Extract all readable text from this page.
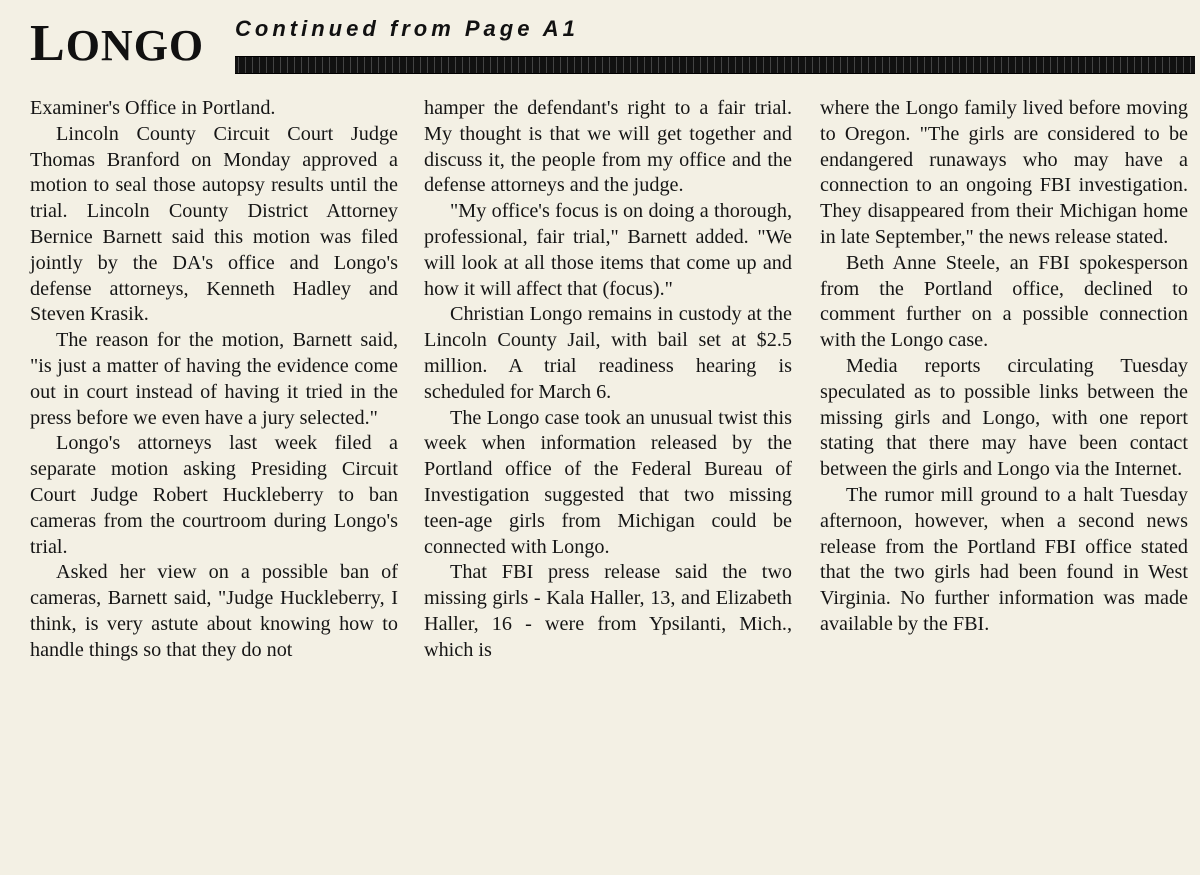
LONGO Continued from Page A1

Examiner's Office in Portland.

Lincoln County Circuit Court Judge Thomas Branford on Monday approved a motion to seal those autopsy results until the trial. Lincoln County District Attorney Bernice Barnett said this motion was filed jointly by the DA's office and Longo's defense attorneys, Kenneth Hadley and Steven Krasik.

The reason for the motion, Barnett said, "is just a matter of having the evidence come out in court instead of having it tried in the press before we even have a jury selected."

Longo's attorneys last week filed a separate motion asking Presiding Circuit Court Judge Robert Huckleberry to ban cameras from the courtroom during Longo's trial.

Asked her view on a possible ban of cameras, Barnett said, "Judge Huckleberry, I think, is very astute about knowing how to handle things so that they do not

hamper the defendant's right to a fair trial. My thought is that we will get together and discuss it, the people from my office and the defense attorneys and the judge.

"My office's focus is on doing a thorough, professional, fair trial," Barnett added. "We will look at all those items that come up and how it will affect that (focus)."

Christian Longo remains in custody at the Lincoln County Jail, with bail set at $2.5 million. A trial readiness hearing is scheduled for March 6.

The Longo case took an unusual twist this week when information released by the Portland office of the Federal Bureau of Investigation suggested that two missing teen-age girls from Michigan could be connected with Longo.

That FBI press release said the two missing girls - Kala Haller, 13, and Elizabeth Haller, 16 - were from Ypsilanti, Mich., which is

where the Longo family lived before moving to Oregon. "The girls are considered to be endangered runaways who may have a connection to an ongoing FBI investigation. They disappeared from their Michigan home in late September," the news release stated.

Beth Anne Steele, an FBI spokesperson from the Portland office, declined to comment further on a possible connection with the Longo case.

Media reports circulating Tuesday speculated as to possible links between the missing girls and Longo, with one report stating that there may have been contact between the girls and Longo via the Internet.

The rumor mill ground to a halt Tuesday afternoon, however, when a second news release from the Portland FBI office stated that the two girls had been found in West Virginia. No further information was made available by the FBI.
